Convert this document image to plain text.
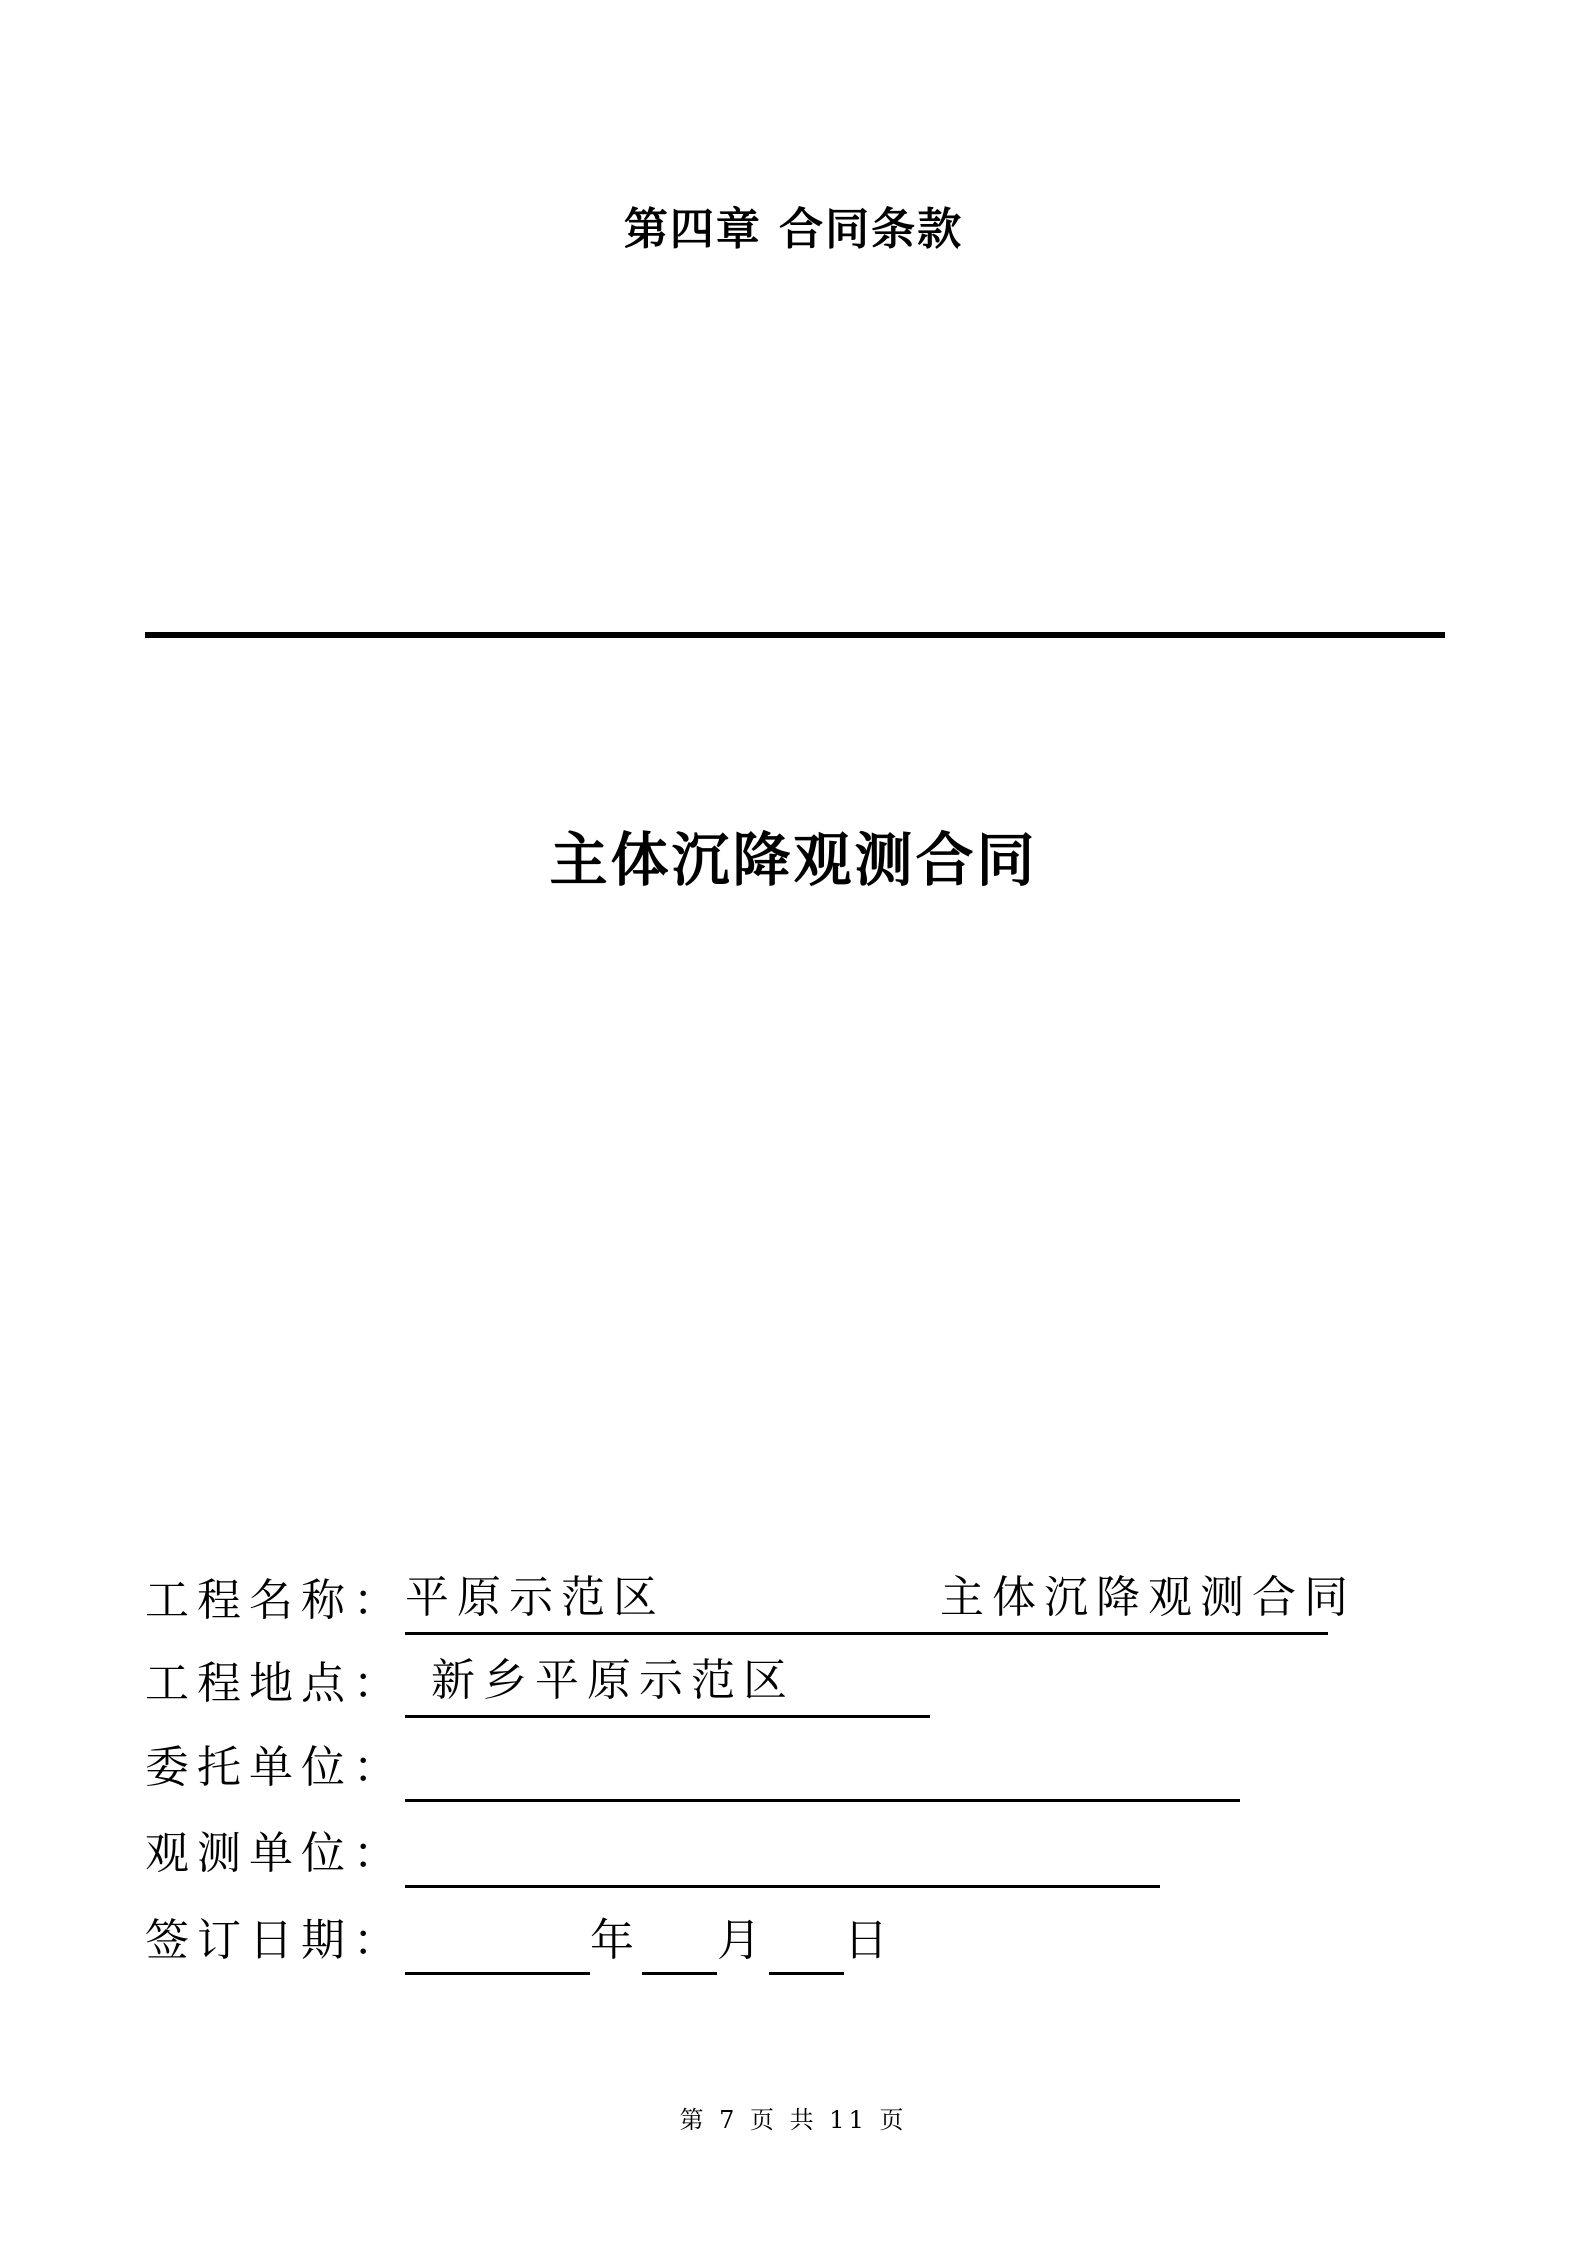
第四章 合同条款
主体沉降观测合同
工程名称： 平原示范区	主体沉降观测合同
工程地点： 新乡平原示范区
委托单位：
观测单位：
签订日期：	年 月 日
第 7 页 共 11 页
